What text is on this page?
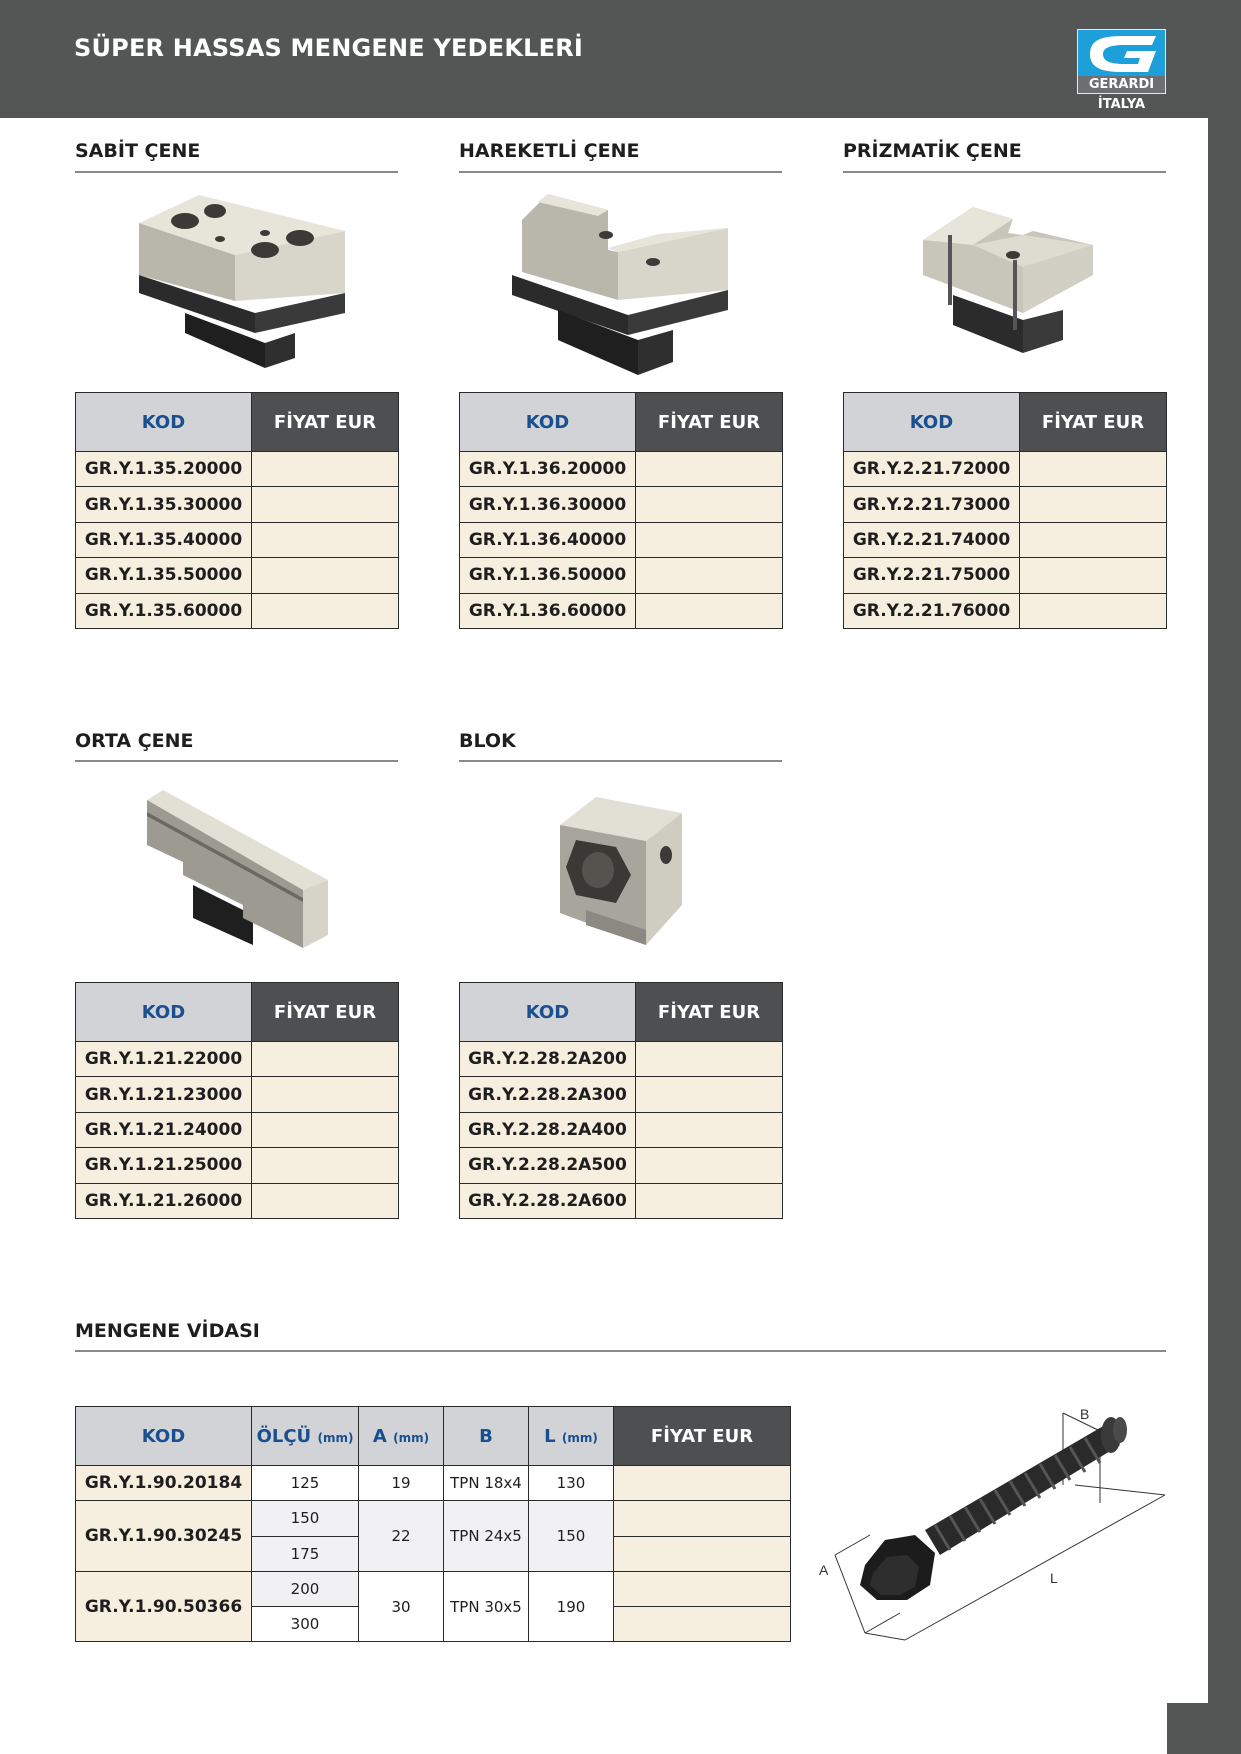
SÜPER HASSAS MENGENE YEDEKLERİ
GERARDI
İTALYA
SABİT ÇENE
KOD	FİYAT EUR
GR.Y.1.35.20000	
GR.Y.1.35.30000	
GR.Y.1.35.40000	
GR.Y.1.35.50000	
GR.Y.1.35.60000	
HAREKETLİ ÇENE
KOD	FİYAT EUR
GR.Y.1.36.20000	
GR.Y.1.36.30000	
GR.Y.1.36.40000	
GR.Y.1.36.50000	
GR.Y.1.36.60000	
PRİZMATİK ÇENE
KOD	FİYAT EUR
GR.Y.2.21.72000	
GR.Y.2.21.73000	
GR.Y.2.21.74000	
GR.Y.2.21.75000	
GR.Y.2.21.76000	
ORTA ÇENE
KOD	FİYAT EUR
GR.Y.1.21.22000	
GR.Y.1.21.23000	
GR.Y.1.21.24000	
GR.Y.1.21.25000	
GR.Y.1.21.26000	
BLOK
KOD	FİYAT EUR
GR.Y.2.28.2A200	
GR.Y.2.28.2A300	
GR.Y.2.28.2A400	
GR.Y.2.28.2A500	
GR.Y.2.28.2A600	
MENGENE VİDASI
KOD	ÖLÇÜ (mm)	A (mm)	B	L (mm)	FİYAT EUR
GR.Y.1.90.20184	125	19	TPN 18x4	130	
GR.Y.1.90.30245	150	22	TPN 24x5	150	
	175				
GR.Y.1.90.50366	200	30	TPN 30x5	190	
	300				
B
A	L
